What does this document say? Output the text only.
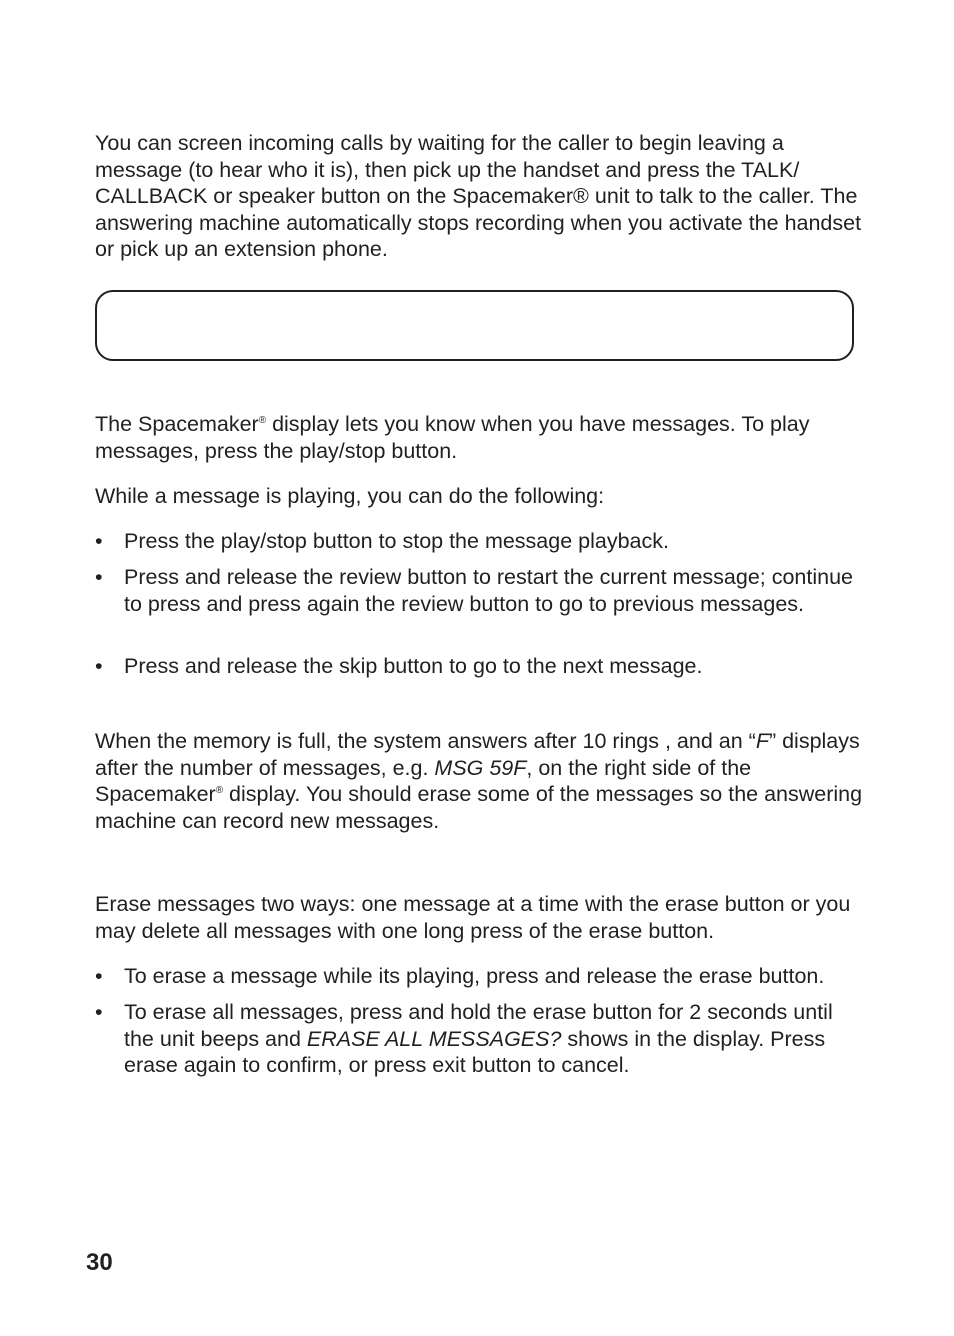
You can screen incoming calls by waiting for the caller to begin leaving a message (to hear who it is), then pick up the handset and press the TALK/ CALLBACK or speaker button on the Spacemaker® unit to talk to the caller. The answering machine automatically stops recording when you activate the handset or pick up an extension phone.

The Spacemaker® display lets you know when you have messages. To play messages, press the play/stop button.

While a message is playing, you can do the following:

• Press the play/stop button to stop the message playback.
• Press and release the review button to restart the current message; continue to press and press again the review button to go to previous messages.
• Press and release the skip button to go to the next message.

When the memory is full, the system answers after 10 rings , and an “F” displays after the number of messages, e.g. MSG 59F, on the right side of the Spacemaker® display. You should erase some of the messages so the answering machine can record new messages.

Erase messages two ways: one message at a time with the erase button or you may delete all messages with one long press of the erase button.

• To erase a message while its playing, press and release the erase button.
• To erase all messages, press and hold the erase button for 2 seconds until the unit beeps and ERASE ALL MESSAGES? shows in the display. Press erase again to confirm, or press exit button to cancel.
30
